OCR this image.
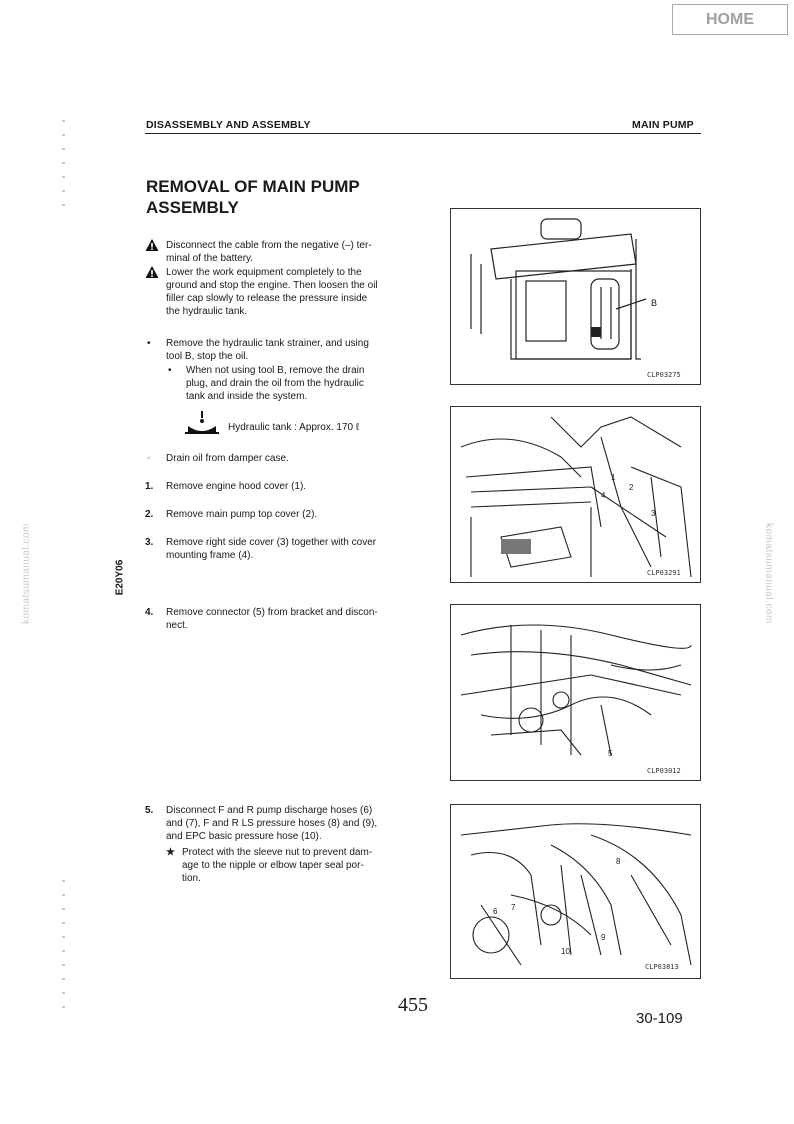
HOME
DISASSEMBLY AND ASSEMBLY	MAIN PUMP
E20Y06
komatsumanual.com	komatsumanual.com
REMOVAL OF MAIN PUMP
ASSEMBLY
Disconnect the cable from the negative (–) ter-
minal of the battery.
Lower the work equipment completely to the
ground and stop the engine. Then loosen the oil
filler cap slowly to release the pressure inside
the hydraulic tank.
• Remove the hydraulic tank strainer, and using
tool B, stop the oil.
• When not using tool B, remove the drain
plug, and drain the oil from the hydraulic
tank and inside the system.
Hydraulic tank : Approx. 170 ℓ
◦ Drain oil from damper case.
1. Remove engine hood cover (1).
2. Remove main pump top cover (2).
3. Remove right side cover (3) together with cover
mounting frame (4).
4. Remove connector (5) from bracket and discon-
nect.
5. Disconnect F and R pump discharge hoses (6)
and (7), F and R LS pressure hoses (8) and (9),
and EPC basic pressure hose (10).
★ Protect with the sleeve nut to prevent dam-
age to the nipple or elbow taper seal por-
tion.
B
CLP03275
4
1
2
3
CLP03291
5
CLP03012
6
8
7
9
10
CLP03813
455
30-109
